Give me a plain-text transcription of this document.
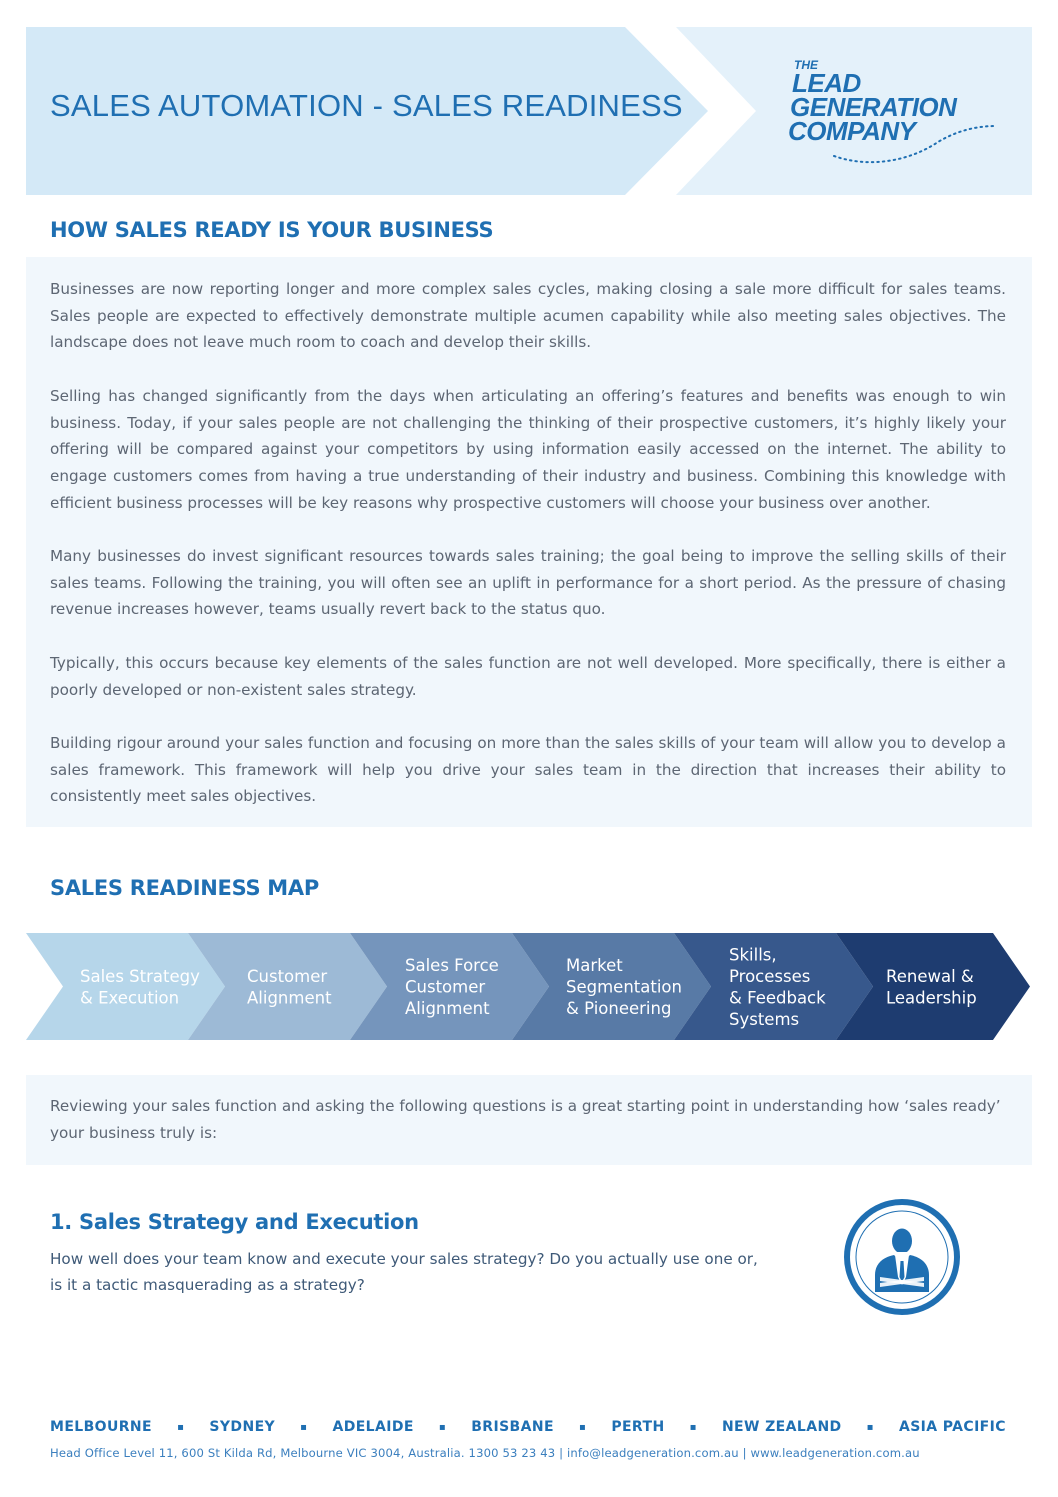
SALES AUTOMATION - SALES READINESS
THE
LEAD
GENERATION
COMPANY
HOW SALES READY IS YOUR BUSINESS

Businesses are now reporting longer and more complex sales cycles, making closing a sale more difficult for sales teams. Sales people are expected to effectively demonstrate multiple acumen capability while also meeting sales objectives. The landscape does not leave much room to coach and develop their skills.

Selling has changed significantly from the days when articulating an offering’s features and benefits was enough to win business. Today, if your sales people are not challenging the thinking of their prospective customers, it’s highly likely your offering will be compared against your competitors by using information easily accessed on the internet. The ability to engage customers comes from having a true understanding of their industry and business. Combining this knowledge with efficient business processes will be key reasons why prospective customers will choose your business over another.

Many businesses do invest significant resources towards sales training; the goal being to improve the selling skills of their sales teams. Following the training, you will often see an uplift in performance for a short period. As the pressure of chasing revenue increases however, teams usually revert back to the status quo.

Typically, this occurs because key elements of the sales function are not well developed. More specifically, there is either a poorly developed or non-existent sales strategy.

Building rigour around your sales function and focusing on more than the sales skills of your team will allow you to develop a sales framework. This framework will help you drive your sales team in the direction that increases their ability to consistently meet sales objectives.

SALES READINESS MAP
Sales Strategy & Execution
Customer Alignment
Sales Force Customer Alignment
Market Segmentation & Pioneering
Skills, Processes & Feedback Systems
Renewal & Leadership
Reviewing your sales function and asking the following questions is a great starting point in understanding how ‘sales ready’ your business truly is:
1. Sales Strategy and Execution
How well does your team know and execute your sales strategy? Do you actually use one or, is it a tactic masquerading as a strategy?
MELBOURNE	▪ SYDNEY	▪ ADELAIDE	▪ BRISBANE	▪ PERTH	▪ NEW ZEALAND	▪ ASIA PACIFIC
Head Office Level 11, 600 St Kilda Rd, Melbourne VIC 3004, Australia. 1300 53 23 43 | info@leadgeneration.com.au | www.leadgeneration.com.au
